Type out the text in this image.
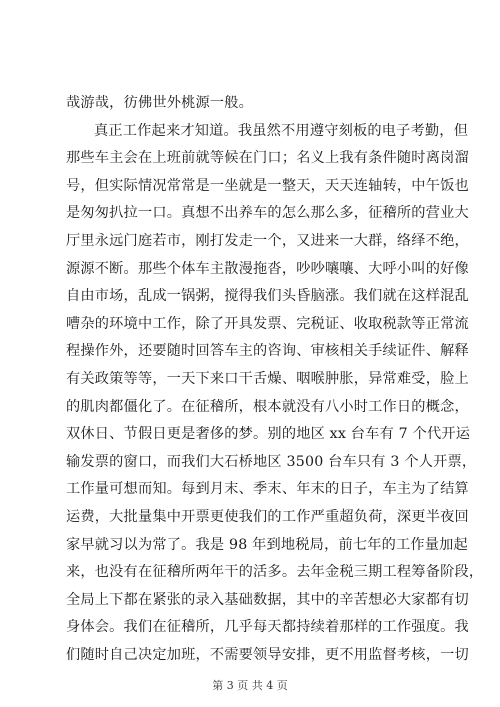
哉游哉，彷佛世外桃源一般。
真正工作起来才知道。我虽然不用遵守刻板的电子考勤，但
那些车主会在上班前就等候在门口；名义上我有条件随时离岗溜
号，但实际情况常常是一坐就是一整天，天天连轴转，中午饭也
是匆匆扒拉一口。真想不出养车的怎么那么多，征稽所的营业大
厅里永远门庭若市，刚打发走一个，又进来一大群，络绎不绝，
源源不断。那些个体车主散漫拖沓，吵吵嚷嚷、大呼小叫的好像
自由市场，乱成一锅粥，搅得我们头昏脑涨。我们就在这样混乱
嘈杂的环境中工作，除了开具发票、完税证、收取税款等正常流
程操作外，还要随时回答车主的咨询、审核相关手续证件、解释
有关政策等等，一天下来口干舌燥、咽喉肿胀，异常难受，脸上
的肌肉都僵化了。在征稽所，根本就没有八小时工作日的概念，
双休日、节假日更是奢侈的梦。别的地区 xx 台车有 7 个代开运
输发票的窗口，而我们大石桥地区 3500 台车只有 3 个人开票，
工作量可想而知。每到月末、季末、年末的日子，车主为了结算
运费，大批量集中开票更使我们的工作严重超负荷，深更半夜回
家早就习以为常了。我是 98 年到地税局，前七年的工作量加起
来，也没有在征稽所两年干的活多。去年金税三期工程筹备阶段，
全局上下都在紧张的录入基础数据，其中的辛苦想必大家都有切
身体会。我们在征稽所，几乎每天都持续着那样的工作强度。我
们随时自己决定加班，不需要领导安排，更不用监督考核，一切
第 3 页 共 4 页
